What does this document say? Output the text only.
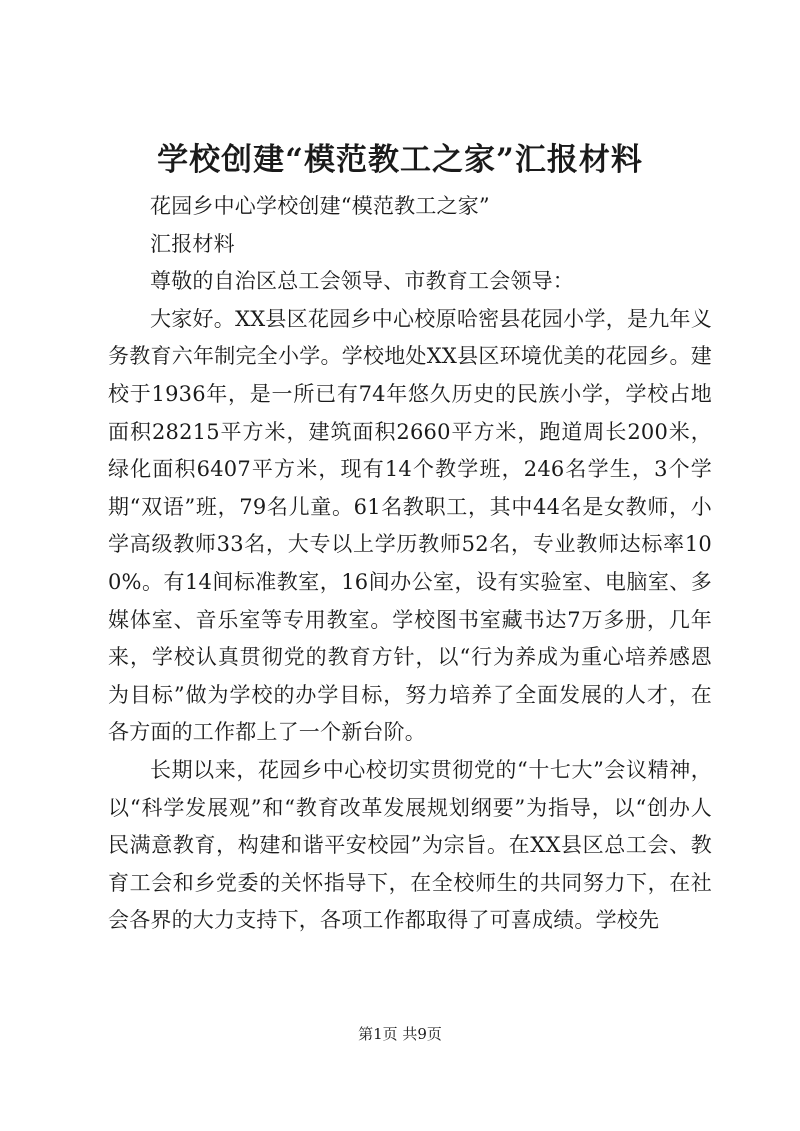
学校创建“模范教工之家”汇报材料

花园乡中心学校创建“模范教工之家”

汇报材料

尊敬的自治区总工会领导、市教育工会领导：

大家好。XX县区花园乡中心校原哈密县花园小学，是九年义务教育六年制完全小学。学校地处XX县区环境优美的花园乡。建校于1936年，是一所已有74年悠久历史的民族小学，学校占地面积28215平方米，建筑面积2660平方米，跑道周长200米，绿化面积6407平方米，现有14个教学班，246名学生，3个学期“双语”班，79名儿童。61名教职工，其中44名是女教师，小学高级教师33名，大专以上学历教师52名，专业教师达标率100%。有14间标准教室，16间办公室，设有实验室、电脑室、多媒体室、音乐室等专用教室。学校图书室藏书达7万多册，几年来，学校认真贯彻党的教育方针，以“行为养成为重心培养感恩为目标”做为学校的办学目标，努力培养了全面发展的人才，在各方面的工作都上了一个新台阶。

长期以来，花园乡中心校切实贯彻党的“十七大”会议精神，以“科学发展观”和“教育改革发展规划纲要”为指导，以“创办人民满意教育，构建和谐平安校园”为宗旨。在XX县区总工会、教育工会和乡党委的关怀指导下，在全校师生的共同努力下，在社会各界的大力支持下，各项工作都取得了可喜成绩。学校先

第1页 共9页
